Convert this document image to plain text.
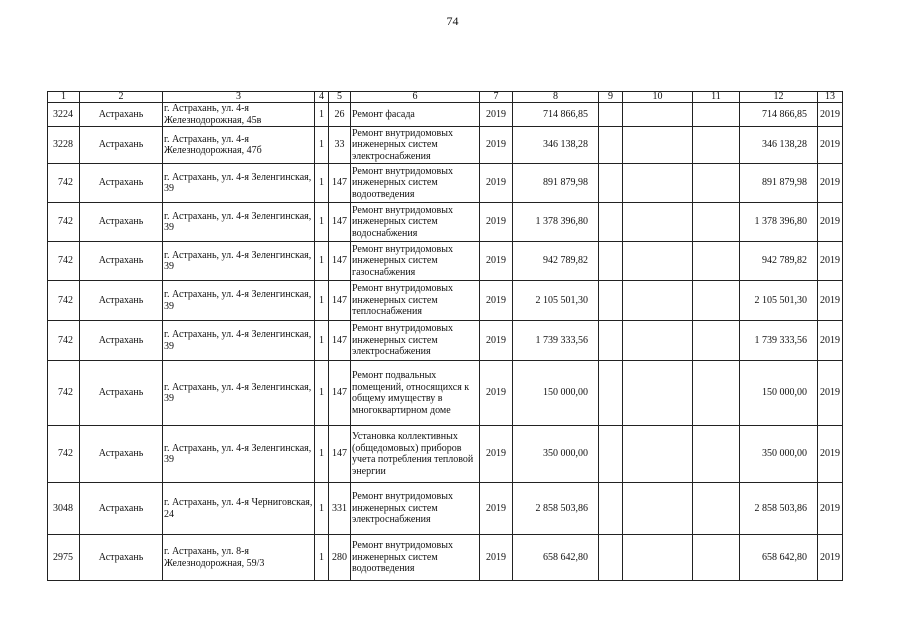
74
1	2	3	4	5	6	7	8	9	10	11	12	13
3224	Астрахань	г. Астрахань, ул. 4-я Железнодорожная, 45в	1	26	Ремонт фасада	2019	714 866,85				714 866,85	2019
3228	Астрахань	г. Астрахань, ул. 4-я Железнодорожная, 47б	1	33	Ремонт внутридомовых инженерных систем электроснабжения	2019	346 138,28				346 138,28	2019
742	Астрахань	г. Астрахань, ул. 4-я Зеленгинская, 39	1	147	Ремонт внутридомовых инженерных систем водоотведения	2019	891 879,98				891 879,98	2019
742	Астрахань	г. Астрахань, ул. 4-я Зеленгинская, 39	1	147	Ремонт внутридомовых инженерных систем водоснабжения	2019	1 378 396,80				1 378 396,80	2019
742	Астрахань	г. Астрахань, ул. 4-я Зеленгинская, 39	1	147	Ремонт внутридомовых инженерных систем газоснабжения	2019	942 789,82				942 789,82	2019
742	Астрахань	г. Астрахань, ул. 4-я Зеленгинская, 39	1	147	Ремонт внутридомовых инженерных систем теплоснабжения	2019	2 105 501,30				2 105 501,30	2019
742	Астрахань	г. Астрахань, ул. 4-я Зеленгинская, 39	1	147	Ремонт внутридомовых инженерных систем электроснабжения	2019	1 739 333,56				1 739 333,56	2019
742	Астрахань	г. Астрахань, ул. 4-я Зеленгинская, 39	1	147	Ремонт подвальных помещений, относящихся к общему имуществу в многоквартирном доме	2019	150 000,00				150 000,00	2019
742	Астрахань	г. Астрахань, ул. 4-я Зеленгинская, 39	1	147	Установка коллективных (общедомовых) приборов учета потребления тепловой энергии	2019	350 000,00				350 000,00	2019
3048	Астрахань	г. Астрахань, ул. 4-я Черниговская, 24	1	331	Ремонт внутридомовых инженерных систем электроснабжения	2019	2 858 503,86				2 858 503,86	2019
2975	Астрахань	г. Астрахань, ул. 8-я Железнодорожная, 59/3	1	280	Ремонт внутридомовых инженерных систем водоотведения	2019	658 642,80				658 642,80	2019
